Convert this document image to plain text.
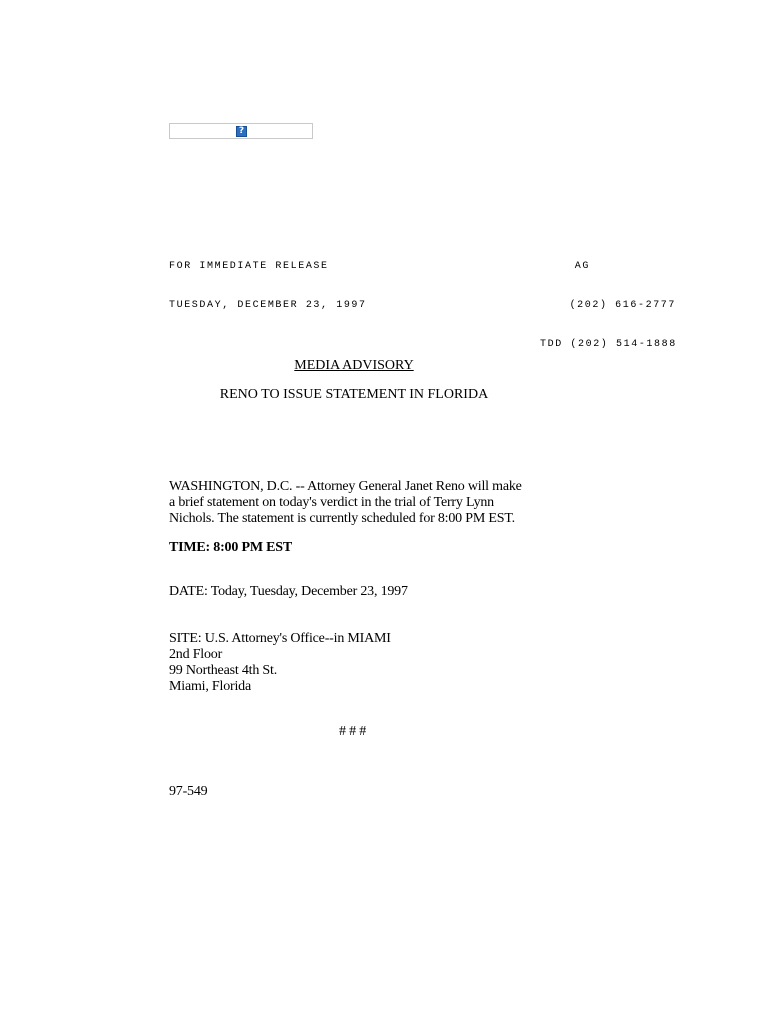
?

FOR IMMEDIATE RELEASE

TUESDAY, DECEMBER 23, 1997

AG

(202) 616-2777

TDD (202) 514-1888

MEDIA ADVISORY
RENO TO ISSUE STATEMENT IN FLORIDA
WASHINGTON, D.C. -- Attorney General Janet Reno will make
a brief statement on today's verdict in the trial of Terry Lynn
Nichols. The statement is currently scheduled for 8:00 PM EST.
TIME: 8:00 PM EST
DATE: Today, Tuesday, December 23, 1997
SITE: U.S. Attorney's Office--in MIAMI
2nd Floor
99 Northeast 4th St.
Miami, Florida
# # #
97-549
